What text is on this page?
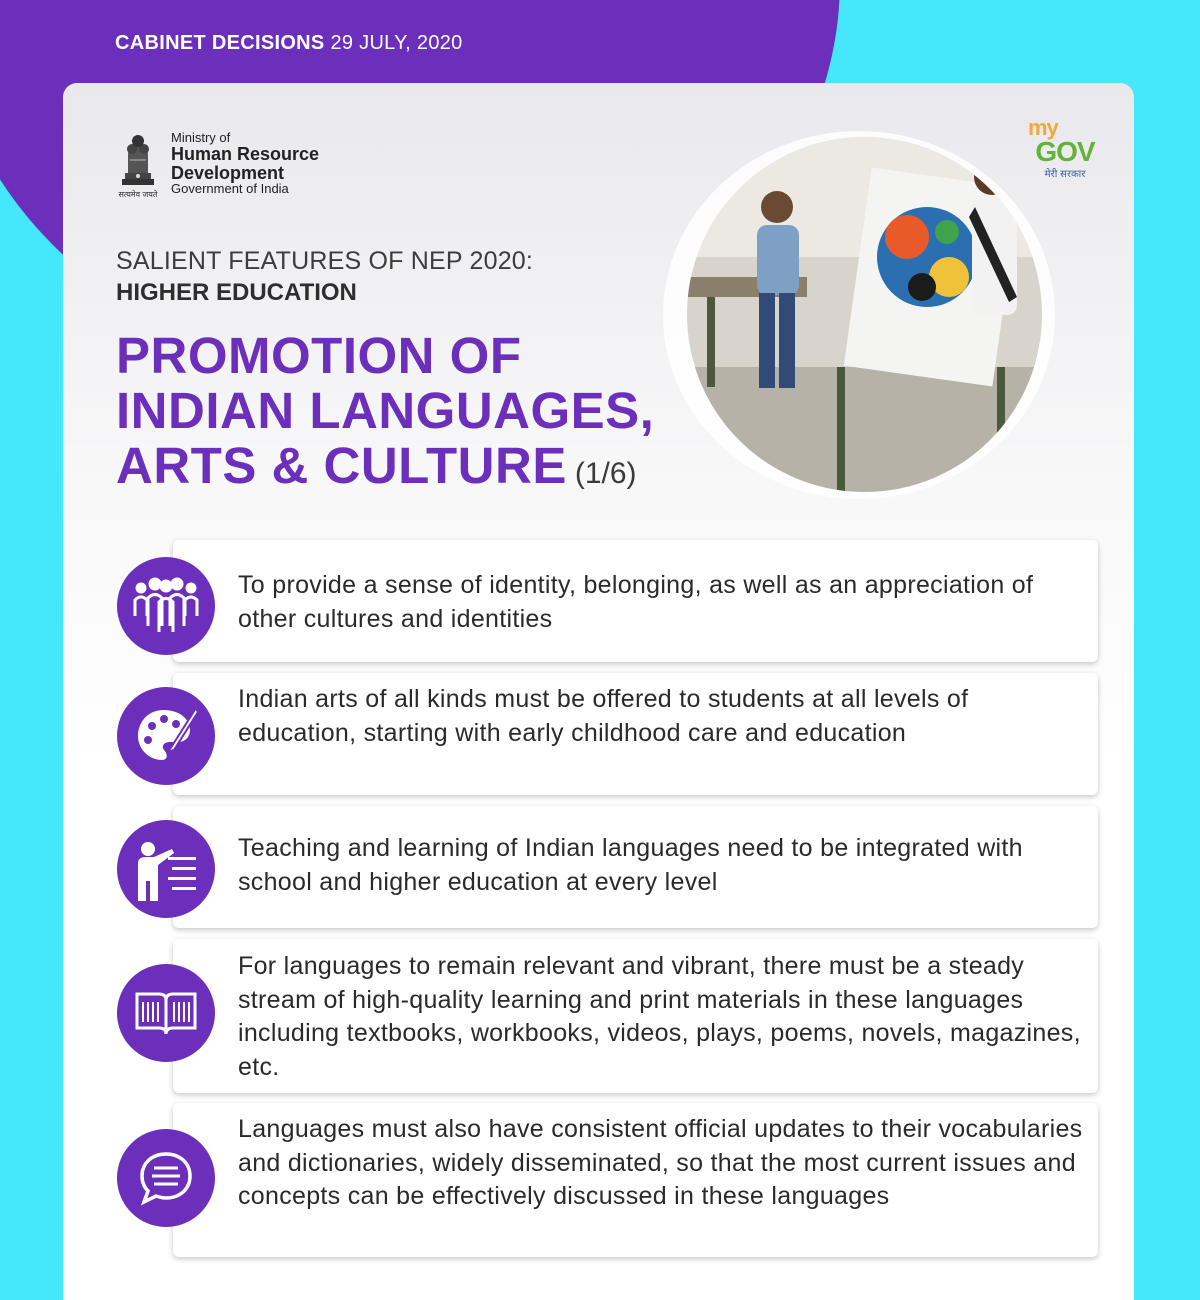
CABINET DECISIONS 29 JULY, 2020
सत्यमेव जयते
Ministry of
Human Resource
Development
Government of India
my
GOV
मेरी सरकार
SALIENT FEATURES OF NEP 2020:
HIGHER EDUCATION
PROMOTION OF
INDIAN LANGUAGES,
ARTS & CULTURE (1/6)
To provide a sense of identity, belonging, as well as an appreciation of other cultures and identities
Indian arts of all kinds must be offered to students at all levels of education, starting with early childhood care and education
Teaching and learning of Indian languages need to be integrated with school and higher education at every level
For languages to remain relevant and vibrant, there must be a steady stream of high-quality learning and print materials in these languages including textbooks, workbooks, videos, plays, poems, novels, magazines, etc.
Languages must also have consistent official updates to their vocabularies and dictionaries, widely disseminated, so that the most current issues and concepts can be effectively discussed in these languages
